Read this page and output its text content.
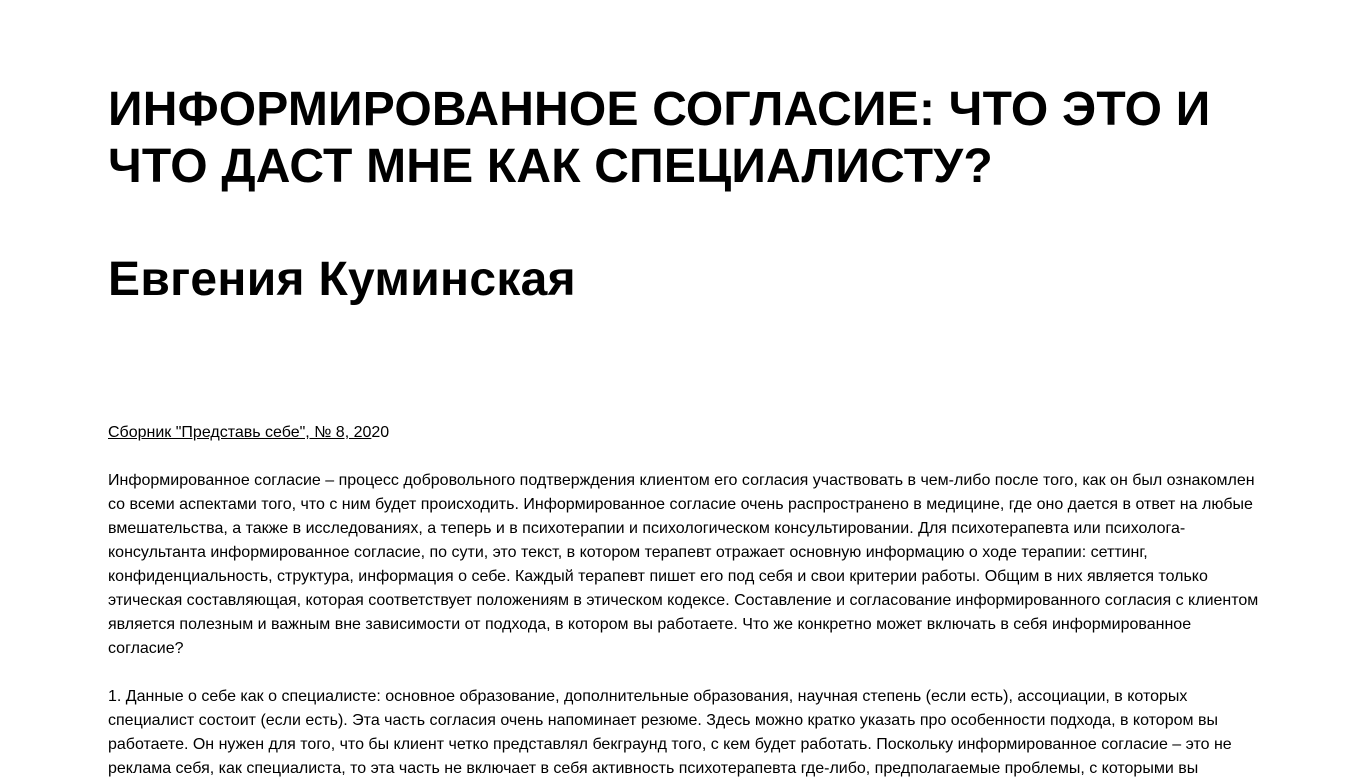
ИНФОРМИРОВАННОЕ СОГЛАСИЕ: ЧТО ЭТО И ЧТО ДАСТ МНЕ КАК СПЕЦИАЛИСТУ?
Евгения Куминская

Сборник "Представь себе", № 8, 2020

Информированное согласие – процесс добровольного подтверждения клиентом его согласия участвовать в чем-либо после того, как он был ознакомлен со всеми аспектами того, что с ним будет происходить. Информированное согласие очень распространено в медицине, где оно дается в ответ на любые вмешательства, а также в исследованиях, а теперь и в психотерапии и психологическом консультировании. Для психотерапевта или психолога-консультанта информированное согласие, по сути, это текст, в котором терапевт отражает основную информацию о ходе терапии: сеттинг, конфиденциальность, структура, информация о себе. Каждый терапевт пишет его под себя и свои критерии работы. Общим в них является только этическая составляющая, которая соответствует положениям в этическом кодексе. Составление и согласование информированного согласия с клиентом является полезным и важным вне зависимости от подхода, в котором вы работаете. Что же конкретно может включать в себя информированное согласие?

1. Данные о себе как о специалисте: основное образование, дополнительные образования, научная степень (если есть), ассоциации, в которых специалист состоит (если есть). Эта часть согласия очень напоминает резюме. Здесь можно кратко указать про особенности подхода, в котором вы работаете. Он нужен для того, что бы клиент четко представлял бекграунд того, с кем будет работать. Поскольку информированное согласие – это не реклама себя, как специалиста, то эта часть не включает в себя активность психотерапевта где-либо, предполагаемые проблемы, с которыми вы
